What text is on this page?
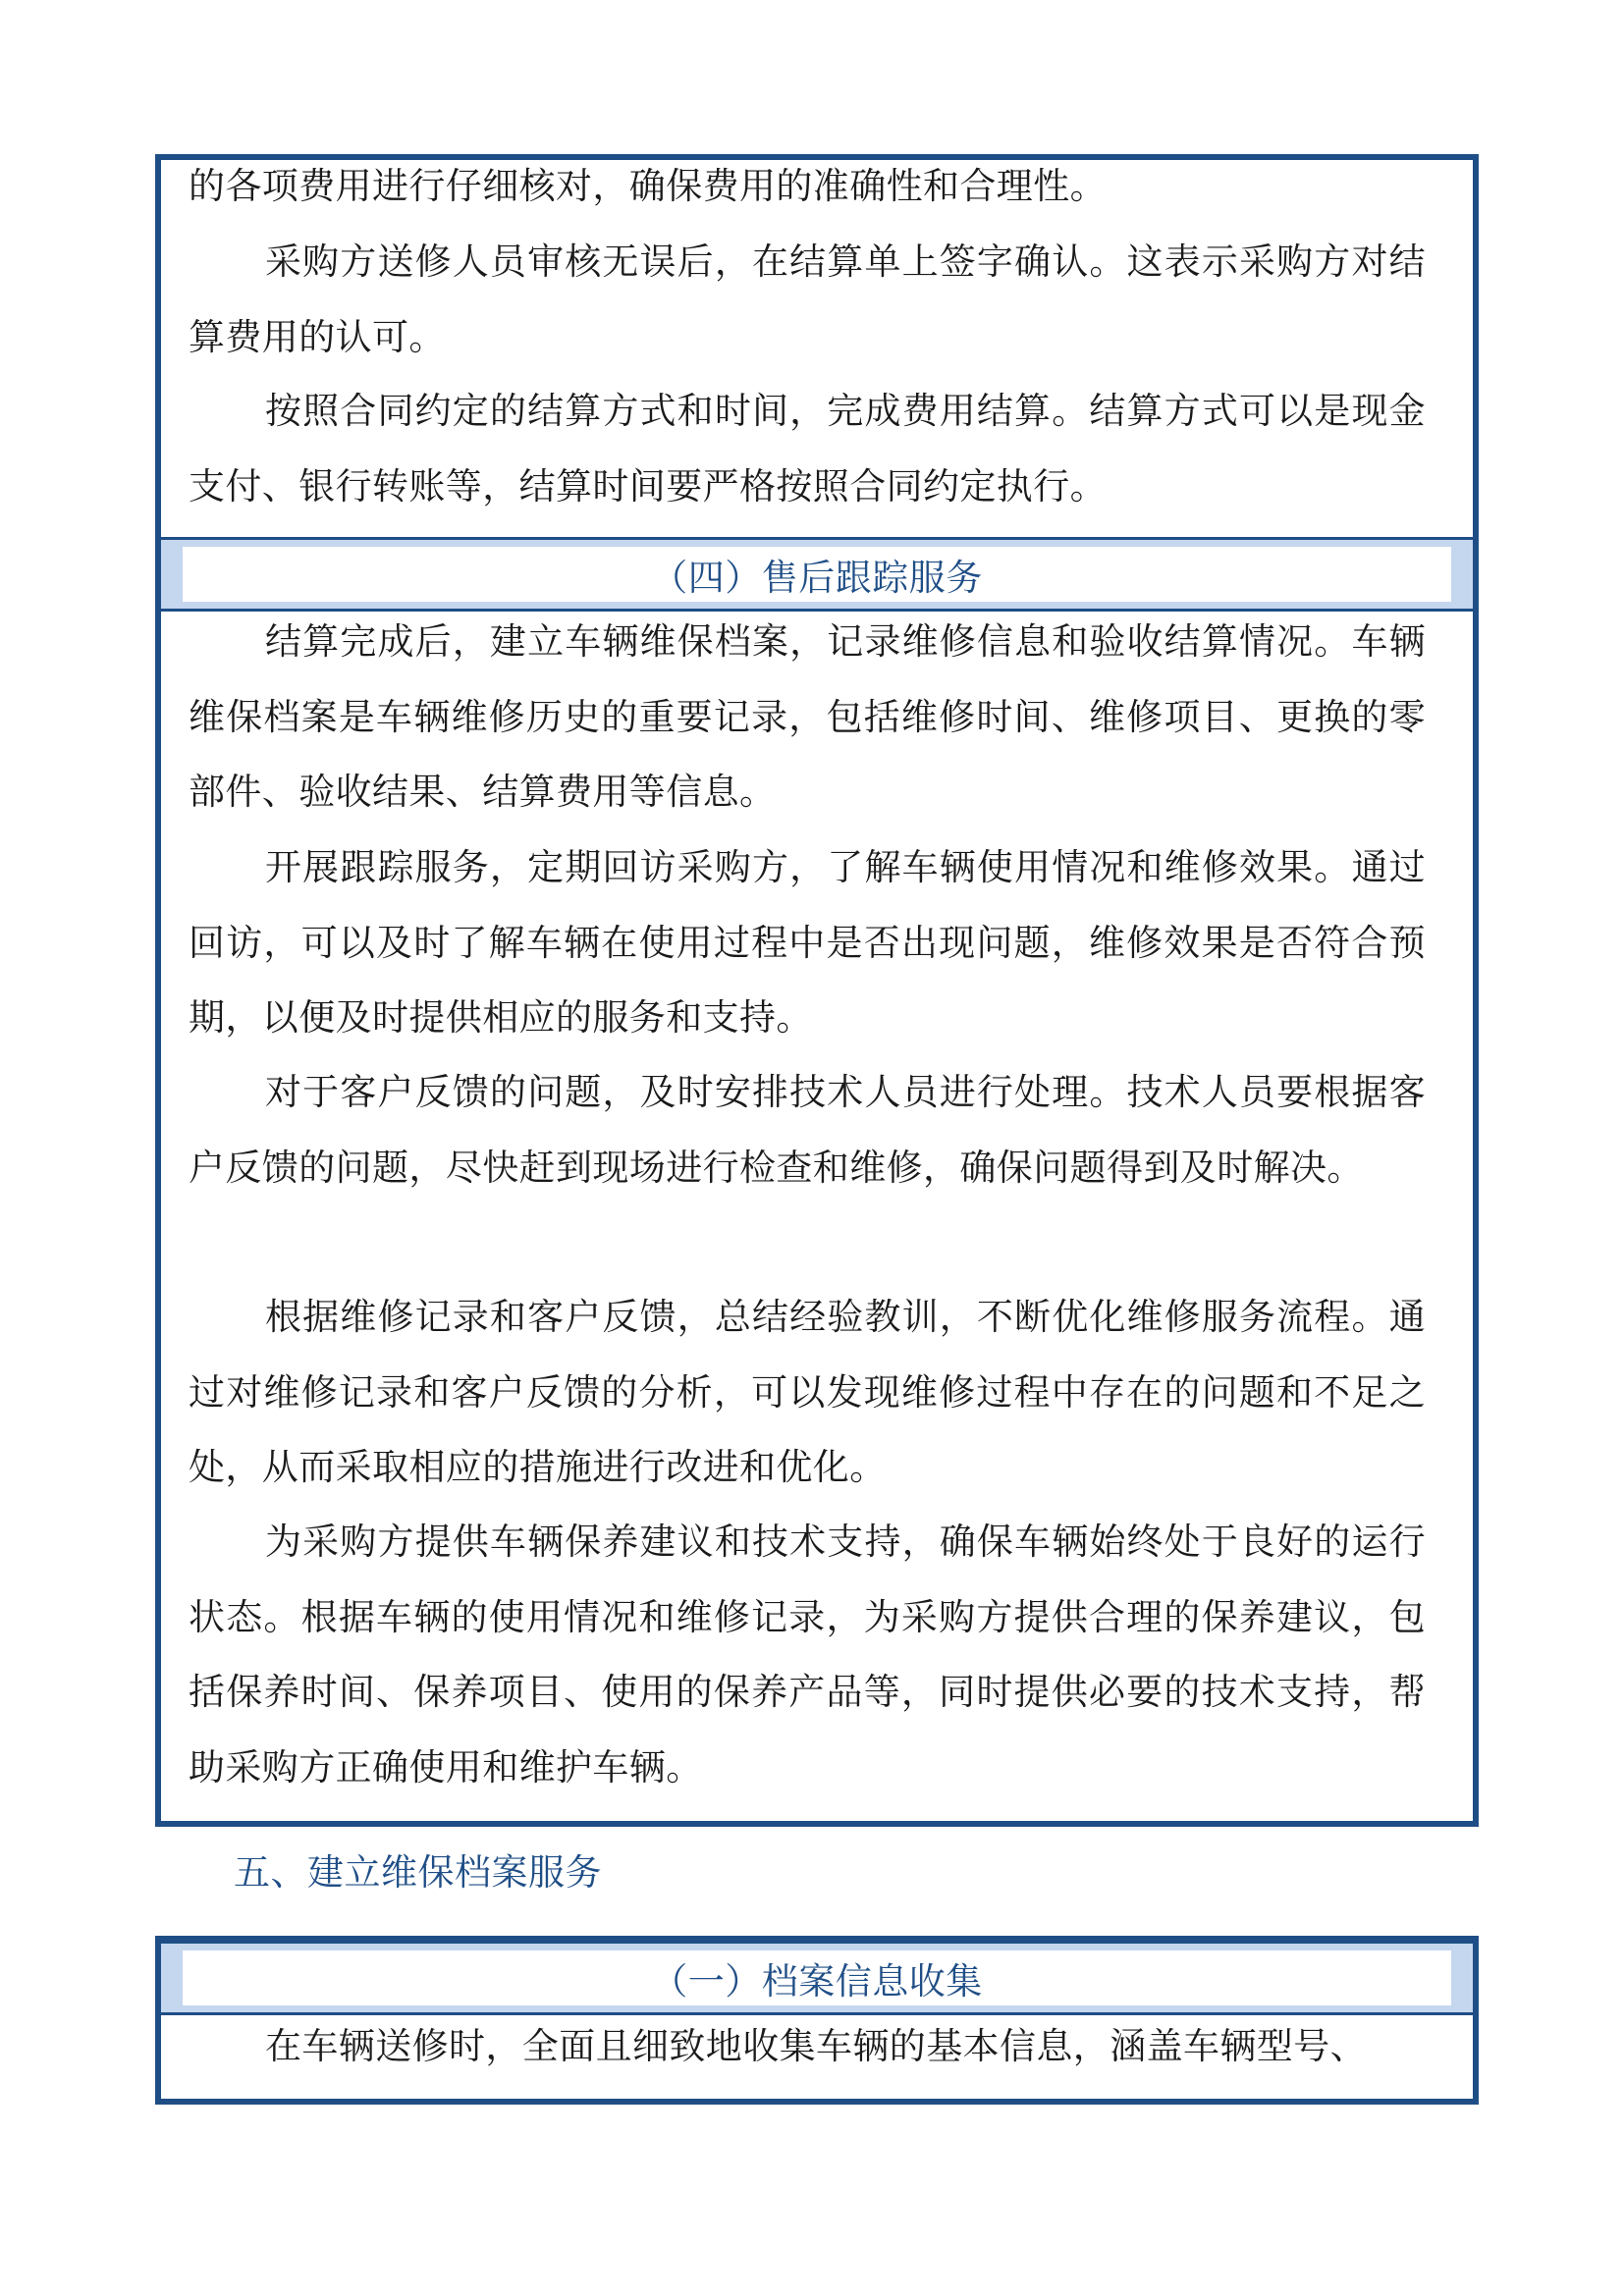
的各项费用进行仔细核对，确保费用的准确性和合理性。

采购方送修人员审核无误后，在结算单上签字确认。这表示采购方对结算费用的认可。

按照合同约定的结算方式和时间，完成费用结算。结算方式可以是现金支付、银行转账等，结算时间要严格按照合同约定执行。

（四）售后跟踪服务

结算完成后，建立车辆维保档案，记录维修信息和验收结算情况。车辆维保档案是车辆维修历史的重要记录，包括维修时间、维修项目、更换的零部件、验收结果、结算费用等信息。

开展跟踪服务，定期回访采购方，了解车辆使用情况和维修效果。通过回访，可以及时了解车辆在使用过程中是否出现问题，维修效果是否符合预期，以便及时提供相应的服务和支持。

对于客户反馈的问题，及时安排技术人员进行处理。技术人员要根据客户反馈的问题，尽快赶到现场进行检查和维修，确保问题得到及时解决。

根据维修记录和客户反馈，总结经验教训，不断优化维修服务流程。通过对维修记录和客户反馈的分析，可以发现维修过程中存在的问题和不足之处，从而采取相应的措施进行改进和优化。

为采购方提供车辆保养建议和技术支持，确保车辆始终处于良好的运行状态。根据车辆的使用情况和维修记录，为采购方提供合理的保养建议，包括保养时间、保养项目、使用的保养产品等，同时提供必要的技术支持，帮助采购方正确使用和维护车辆。

五、建立维保档案服务
（一）档案信息收集

在车辆送修时，全面且细致地收集车辆的基本信息，涵盖车辆型号、
